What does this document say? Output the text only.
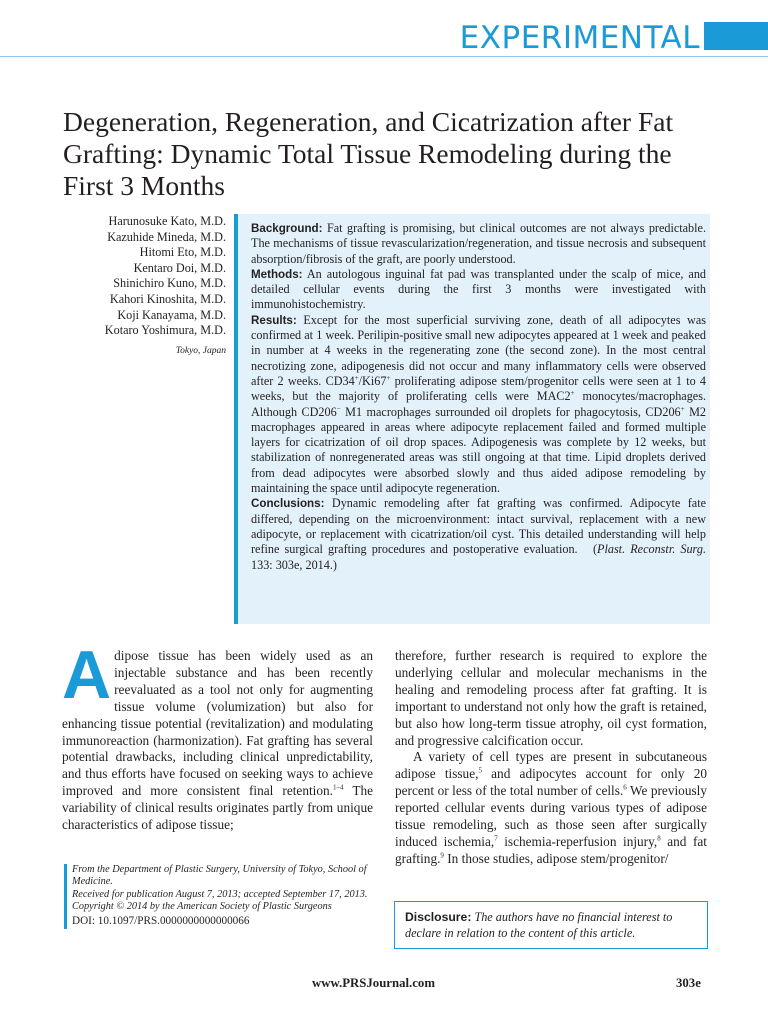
EXPERIMENTAL
Degeneration, Regeneration, and Cicatrization after Fat Grafting: Dynamic Total Tissue Remodeling during the First 3 Months
Harunosuke Kato, M.D.
Kazuhide Mineda, M.D.
Hitomi Eto, M.D.
Kentaro Doi, M.D.
Shinichiro Kuno, M.D.
Kahori Kinoshita, M.D.
Koji Kanayama, M.D.
Kotaro Yoshimura, M.D.
Tokyo, Japan

Background: Fat grafting is promising, but clinical outcomes are not always predictable. The mechanisms of tissue revascularization/regeneration, and tissue necrosis and subsequent absorption/fibrosis of the graft, are poorly understood.

Methods: An autologous inguinal fat pad was transplanted under the scalp of mice, and detailed cellular events during the first 3 months were investigated with immunohistochemistry.

Results: Except for the most superficial surviving zone, death of all adipocytes was confirmed at 1 week. Perilipin-positive small new adipocytes appeared at 1 week and peaked in number at 4 weeks in the regenerating zone (the second zone). In the most central necrotizing zone, adipogenesis did not occur and many inflammatory cells were observed after 2 weeks. CD34+/Ki67+ proliferating adipose stem/progenitor cells were seen at 1 to 4 weeks, but the majority of proliferating cells were MAC2+ monocytes/macrophages. Although CD206− M1 macrophages surrounded oil droplets for phagocytosis, CD206+ M2 macrophages appeared in areas where adipocyte replacement failed and formed multiple layers for cicatrization of oil drop spaces. Adipogenesis was complete by 12 weeks, but stabilization of nonregenerated areas was still ongoing at that time. Lipid droplets derived from dead adipocytes were absorbed slowly and thus aided adipose remodeling by maintaining the space until adipocyte regeneration.

Conclusions: Dynamic remodeling after fat grafting was confirmed. Adipocyte fate differed, depending on the microenvironment: intact survival, replacement with a new adipocyte, or replacement with cicatrization/oil cyst. This detailed understanding will help refine surgical grafting procedures and postoperative evaluation. (Plast. Reconstr. Surg. 133: 303e, 2014.)

Adipose tissue has been widely used as an injectable substance and has been recently reevaluated as a tool not only for augmenting tissue volume (volumization) but also for enhancing tissue potential (revitalization) and modulating immunoreaction (harmonization). Fat grafting has several potential drawbacks, including clinical unpredictability, and thus efforts have focused on seeking ways to achieve improved and more consistent final retention.$^{1-4}$ The variability of clinical results originates partly from unique characteristics of adipose tissue;

therefore, further research is required to explore the underlying cellular and molecular mechanisms in the healing and remodeling process after fat grafting. It is important to understand not only how the graft is retained, but also how long-term tissue atrophy, oil cyst formation, and progressive calcification occur.

A variety of cell types are present in subcutaneous adipose tissue,$^5$ and adipocytes account for only 20 percent or less of the total number of cells.$^6$ We previously reported cellular events during various types of adipose tissue remodeling, such as those seen after surgically induced ischemia,$^7$ ischemia-reperfusion injury,$^8$ and fat grafting.$^9$ In those studies, adipose stem/progenitor/

From the Department of Plastic Surgery, University of Tokyo, School of Medicine.
Received for publication August 7, 2013; accepted September 17, 2013.
Copyright © 2014 by the American Society of Plastic Surgeons
DOI: 10.1097/PRS.0000000000000066	Disclosure: The authors have no financial interest to declare in relation to the content of this article.
www.PRSJournal.com	303e
